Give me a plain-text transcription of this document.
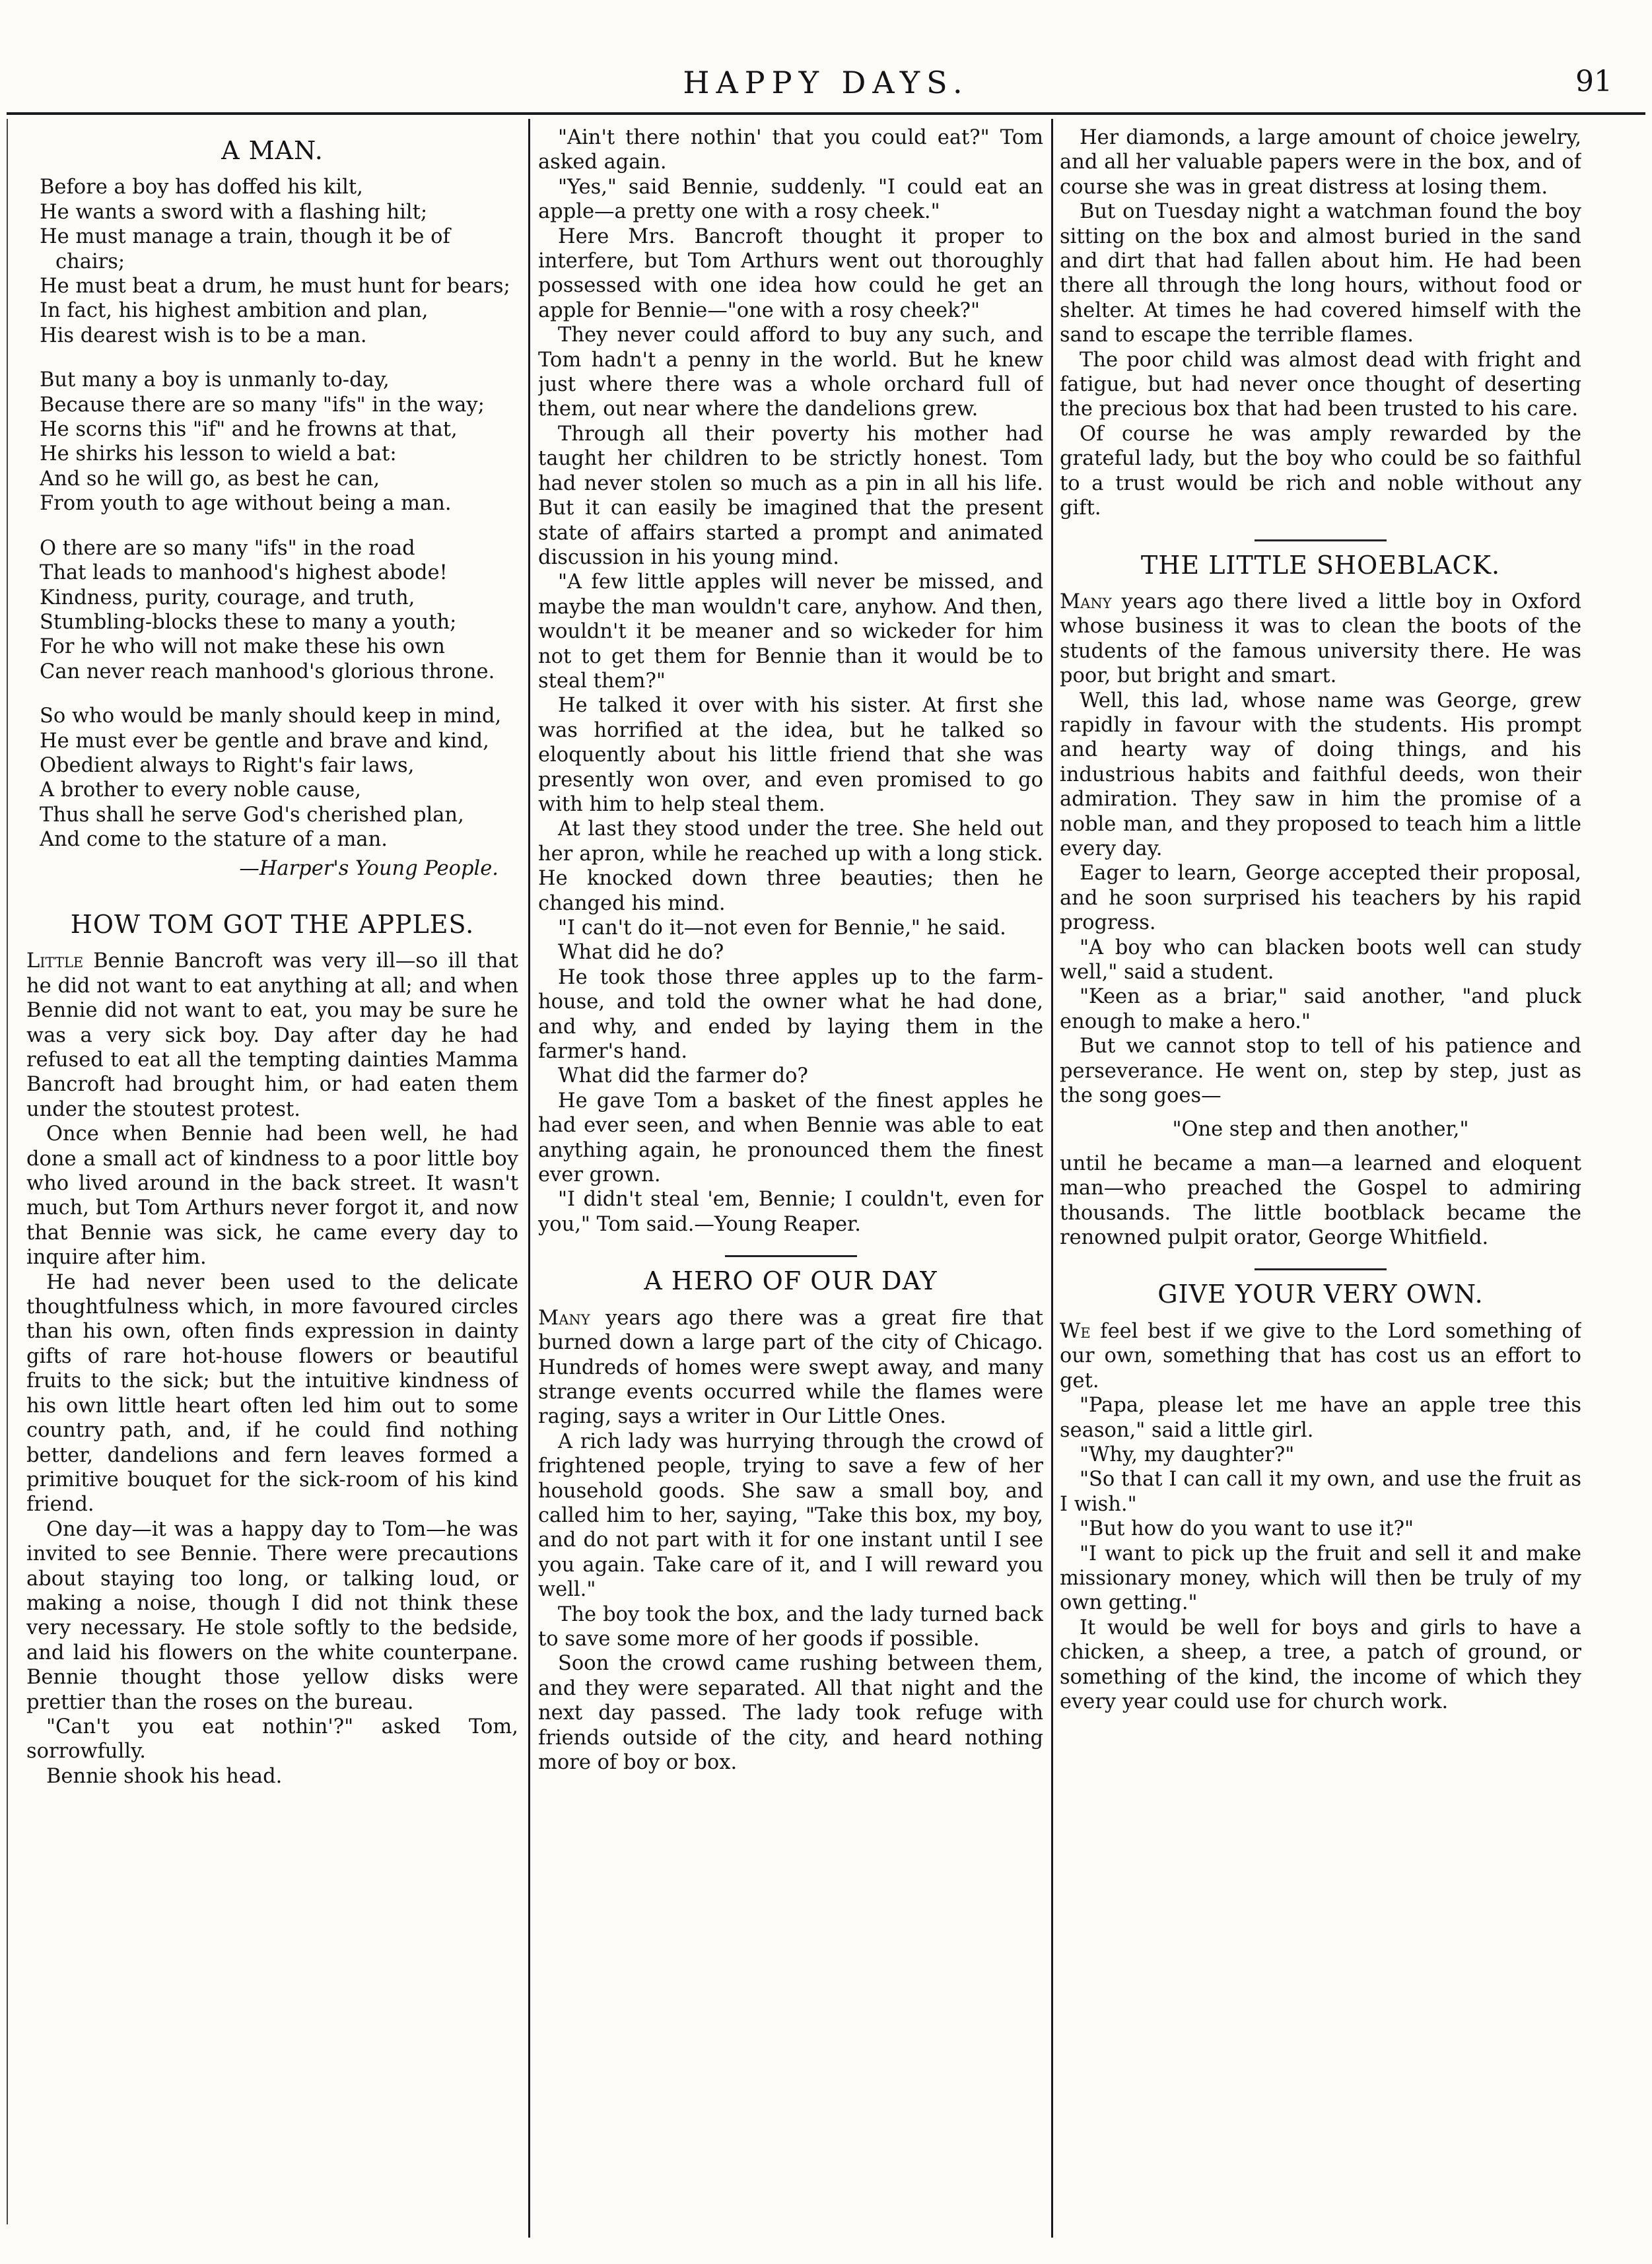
HAPPY DAYS.	91
A MAN.
Before a boy has doffed his kilt,
He wants a sword with a flashing hilt;
He must manage a train, though it be of chairs;
He must beat a drum, he must hunt for bears;
In fact, his highest ambition and plan,
His dearest wish is to be a man.
But many a boy is unmanly to-day,
Because there are so many "ifs" in the way;
He scorns this "if" and he frowns at that,
He shirks his lesson to wield a bat:
And so he will go, as best he can,
From youth to age without being a man.
O there are so many "ifs" in the road
That leads to manhood's highest abode!
Kindness, purity, courage, and truth,
Stumbling-blocks these to many a youth;
For he who will not make these his own
Can never reach manhood's glorious throne.
So who would be manly should keep in mind,
He must ever be gentle and brave and kind,
Obedient always to Right's fair laws,
A brother to every noble cause,
Thus shall he serve God's cherished plan,
And come to the stature of a man.
—Harper's Young People.
HOW TOM GOT THE APPLES.

Little Bennie Bancroft was very ill—so ill that he did not want to eat anything at all; and when Bennie did not want to eat, you may be sure he was a very sick boy. Day after day he had refused to eat all the tempting dainties Mamma Bancroft had brought him, or had eaten them under the stoutest protest.

Once when Bennie had been well, he had done a small act of kindness to a poor little boy who lived around in the back street. It wasn't much, but Tom Arthurs never forgot it, and now that Bennie was sick, he came every day to inquire after him.

He had never been used to the delicate thoughtfulness which, in more favoured circles than his own, often finds expression in dainty gifts of rare hot-house flowers or beautiful fruits to the sick; but the intuitive kindness of his own little heart often led him out to some country path, and, if he could find nothing better, dandelions and fern leaves formed a primitive bouquet for the sick-room of his kind friend.

One day—it was a happy day to Tom—he was invited to see Bennie. There were precautions about staying too long, or talking loud, or making a noise, though I did not think these very necessary. He stole softly to the bedside, and laid his flowers on the white counterpane. Bennie thought those yellow disks were prettier than the roses on the bureau.

"Can't you eat nothin'?" asked Tom, sorrowfully.

Bennie shook his head.

"Ain't there nothin' that you could eat?" Tom asked again.

"Yes," said Bennie, suddenly. "I could eat an apple—a pretty one with a rosy cheek."

Here Mrs. Bancroft thought it proper to interfere, but Tom Arthurs went out thoroughly possessed with one idea how could he get an apple for Bennie—"one with a rosy cheek?"

They never could afford to buy any such, and Tom hadn't a penny in the world. But he knew just where there was a whole orchard full of them, out near where the dandelions grew.

Through all their poverty his mother had taught her children to be strictly honest. Tom had never stolen so much as a pin in all his life. But it can easily be imagined that the present state of affairs started a prompt and animated discussion in his young mind.

"A few little apples will never be missed, and maybe the man wouldn't care, anyhow. And then, wouldn't it be meaner and so wickeder for him not to get them for Bennie than it would be to steal them?"

He talked it over with his sister. At first she was horrified at the idea, but he talked so eloquently about his little friend that she was presently won over, and even promised to go with him to help steal them.

At last they stood under the tree. She held out her apron, while he reached up with a long stick. He knocked down three beauties; then he changed his mind.

"I can't do it—not even for Bennie," he said.

What did he do?

He took those three apples up to the farm-house, and told the owner what he had done, and why, and ended by laying them in the farmer's hand.

What did the farmer do?

He gave Tom a basket of the finest apples he had ever seen, and when Bennie was able to eat anything again, he pronounced them the finest ever grown.

"I didn't steal 'em, Bennie; I couldn't, even for you," Tom said.—Young Reaper.

A HERO OF OUR DAY

Many years ago there was a great fire that burned down a large part of the city of Chicago. Hundreds of homes were swept away, and many strange events occurred while the flames were raging, says a writer in Our Little Ones.

A rich lady was hurrying through the crowd of frightened people, trying to save a few of her household goods. She saw a small boy, and called him to her, saying, "Take this box, my boy, and do not part with it for one instant until I see you again. Take care of it, and I will reward you well."

The boy took the box, and the lady turned back to save some more of her goods if possible.

Soon the crowd came rushing between them, and they were separated. All that night and the next day passed. The lady took refuge with friends outside of the city, and heard nothing more of boy or box.

Her diamonds, a large amount of choice jewelry, and all her valuable papers were in the box, and of course she was in great distress at losing them.

But on Tuesday night a watchman found the boy sitting on the box and almost buried in the sand and dirt that had fallen about him. He had been there all through the long hours, without food or shelter. At times he had covered himself with the sand to escape the terrible flames.

The poor child was almost dead with fright and fatigue, but had never once thought of deserting the precious box that had been trusted to his care.

Of course he was amply rewarded by the grateful lady, but the boy who could be so faithful to a trust would be rich and noble without any gift.

THE LITTLE SHOEBLACK.

Many years ago there lived a little boy in Oxford whose business it was to clean the boots of the students of the famous university there. He was poor, but bright and smart.

Well, this lad, whose name was George, grew rapidly in favour with the students. His prompt and hearty way of doing things, and his industrious habits and faithful deeds, won their admiration. They saw in him the promise of a noble man, and they proposed to teach him a little every day.

Eager to learn, George accepted their proposal, and he soon surprised his teachers by his rapid progress.

"A boy who can blacken boots well can study well," said a student.

"Keen as a briar," said another, "and pluck enough to make a hero."

But we cannot stop to tell of his patience and perseverance. He went on, step by step, just as the song goes—

"One step and then another,"

until he became a man—a learned and eloquent man—who preached the Gospel to admiring thousands. The little bootblack became the renowned pulpit orator, George Whitfield.

GIVE YOUR VERY OWN.

We feel best if we give to the Lord something of our own, something that has cost us an effort to get.

"Papa, please let me have an apple tree this season," said a little girl.

"Why, my daughter?"

"So that I can call it my own, and use the fruit as I wish."

"But how do you want to use it?"

"I want to pick up the fruit and sell it and make missionary money, which will then be truly of my own getting."

It would be well for boys and girls to have a chicken, a sheep, a tree, a patch of ground, or something of the kind, the income of which they every year could use for church work.
